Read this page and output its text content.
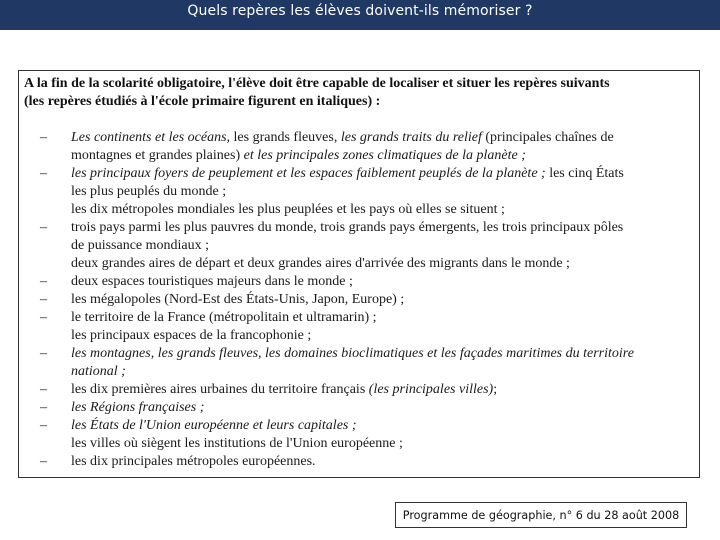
Quels repères les élèves doivent-ils mémoriser ?
A la fin de la scolarité obligatoire, l'élève doit être capable de localiser et situer les repères suivants
(les repères étudiés à l'école primaire figurent en italiques) :
–
–
–
–
–
–
–
–
–
–
–
Les continents et les océans, les grands fleuves, les grands traits du relief (principales chaînes de
montagnes et grandes plaines) et les principales zones climatiques de la planète ;
les principaux foyers de peuplement et les espaces faiblement peuplés de la planète ; les cinq États
les plus peuplés du monde ;
les dix métropoles mondiales les plus peuplées et les pays où elles se situent ;
trois pays parmi les plus pauvres du monde, trois grands pays émergents, les trois principaux pôles
de puissance mondiaux ;
deux grandes aires de départ et deux grandes aires d'arrivée des migrants dans le monde ;
deux espaces touristiques majeurs dans le monde ;
les mégalopoles (Nord-Est des États-Unis, Japon, Europe) ;
le territoire de la France (métropolitain et ultramarin) ;
les principaux espaces de la francophonie ;
les montagnes, les grands fleuves, les domaines bioclimatiques et les façades maritimes du territoire
national ;
les dix premières aires urbaines du territoire français (les principales villes);
les Régions françaises ;
les États de l'Union européenne et leurs capitales ;
les villes où siègent les institutions de l'Union européenne ;
les dix principales métropoles européennes.
Programme de géographie, n° 6 du 28 août 2008
